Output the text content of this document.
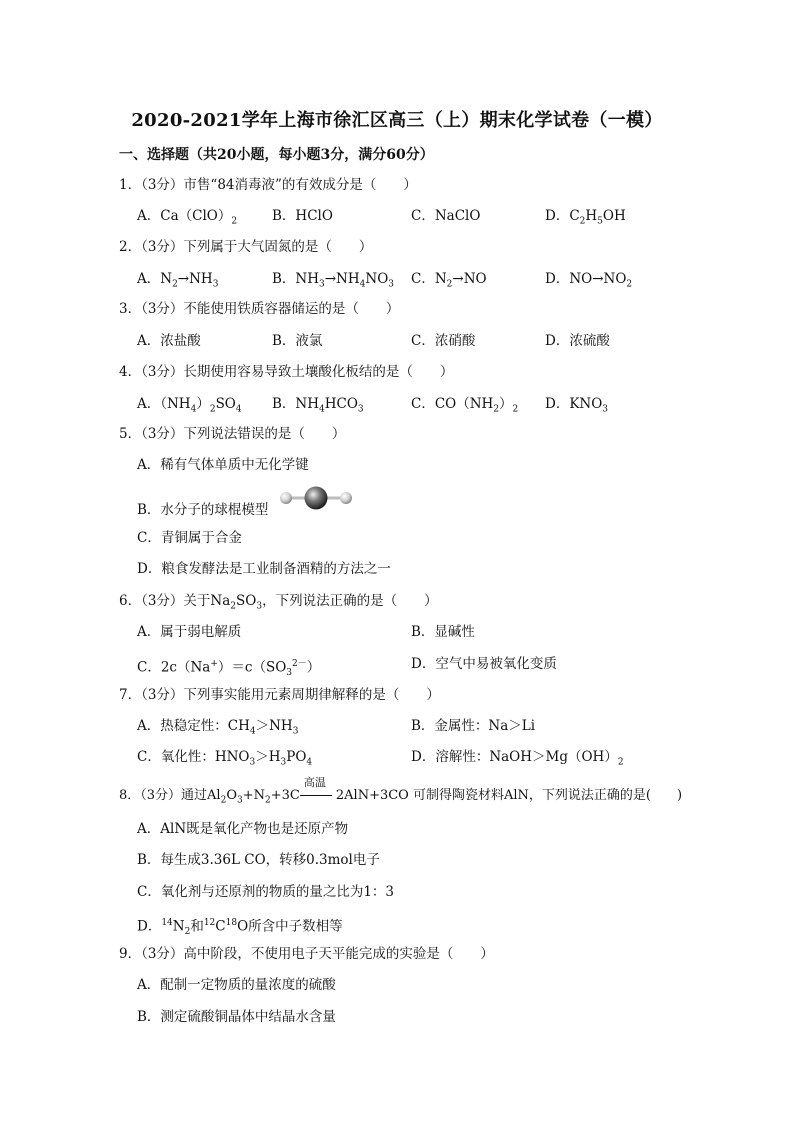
2020-2021学年上海市徐汇区高三（上）期末化学试卷（一模）
一、选择题（共20小题，每小题3分，满分60分）
1．（3分）市售“84消毒液”的有效成分是（　　）
A．$Ca(ClO)_2$	B．HClO	C．NaClO	D．$C_2H_5OH$
2．（3分）下列属于大气固氮的是（　　）
A．$N_2\to NH_3$	B．$NH_3\to NH_4NO_3$ C．$N_2\to NO$	D．$NO\to NO_2$
3．（3分）不能使用铁质容器储运的是（　　）
A．浓盐酸	B．液氯	C．浓硝酸	D．浓硫酸
4．（3分）长期使用容易导致土壤酸化板结的是（　　）
A．$(NH_4)_2SO_4$ B．$NH_4HCO_3$	C．$CO(NH_2)_2$ D．$KNO_3$
5．（3分）下列说法错误的是（　　）
A．稀有气体单质中无化学键
B．水分子的球棍模型
C．青铜属于合金
D．粮食发酵法是工业制备酒精的方法之一
6．（3分）关于$Na_2SO_3$，下列说法正确的是（　　）
A．属于弱电解质	B．显碱性
C．$2c(Na^+)=c(SO_3^{2-})$	D．空气中易被氧化变质
7．（3分）下列事实能用元素周期律解释的是（　　）
A．热稳定性：$CH_4>NH_3$	B．金属性：Na＞Li
C．氧化性：$HNO_3>H_3PO_4$	D．溶解性：$NaOH>Mg(OH)_2$
8．（3分）通过$Al_2O_3+N_2+3C$
高温
2AlN+3CO 可制得陶瓷材料AlN，下列说法正确的是(　　)
A．AlN既是氧化产物也是还原产物
B．每生成3.36L CO，转移0.3mol电子
C．氧化剂与还原剂的物质的量之比为1：3
D．$^{14}N_2$和$^{12}C^{18}O$所含中子数相等
9．（3分）高中阶段，不使用电子天平能完成的实验是（　　）
A．配制一定物质的量浓度的硫酸
B．测定硫酸铜晶体中结晶水含量
